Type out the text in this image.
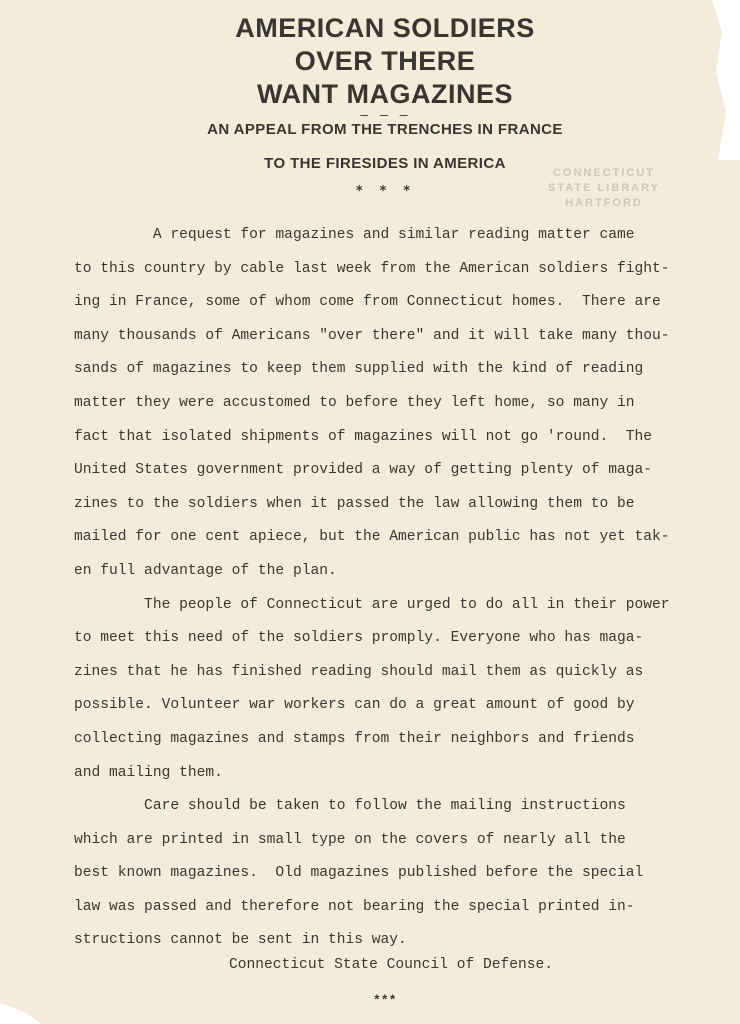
AMERICAN SOLDIERS
OVER THERE
WANT MAGAZINES
– – –
AN APPEAL FROM THE TRENCHES IN FRANCE
TO THE FIRESIDES IN AMERICA
* * *
CONNECTICUT
STATE LIBRARY
HARTFORD
A request for magazines and similar reading matter came
to this country by cable last week from the American soldiers fight-
ing in France, some of whom come from Connecticut homes.  There are
many thousands of Americans "over there" and it will take many thou-
sands of magazines to keep them supplied with the kind of reading
matter they were accustomed to before they left home, so many in
fact that isolated shipments of magazines will not go 'round.  The
United States government provided a way of getting plenty of maga-
zines to the soldiers when it passed the law allowing them to be
mailed for one cent apiece, but the American public has not yet tak-
en full advantage of the plan.
The people of Connecticut are urged to do all in their power
to meet this need of the soldiers promply. Everyone who has maga-
zines that he has finished reading should mail them as quickly as
possible. Volunteer war workers can do a great amount of good by
collecting magazines and stamps from their neighbors and friends
and mailing them.
Care should be taken to follow the mailing instructions
which are printed in small type on the covers of nearly all the
best known magazines.  Old magazines published before the special
law was passed and therefore not bearing the special printed in-
structions cannot be sent in this way.
Connecticut State Council of Defense.
***
